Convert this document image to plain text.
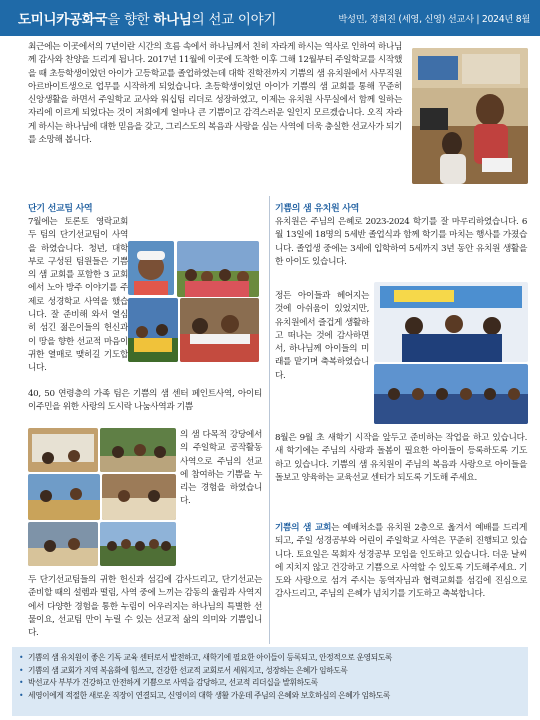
도미니카공화국을 향한 하나님의 선교 이야기	박성민, 정희진 (세영, 신영) 선교사 | 2024년 8월

최근에는 이곳에서의 7년이란 시간의 흐름 속에서 하나님께서 친히 자라게 하시는 역사로 인하여 하나님께 감사와 찬양을 드리게 됩니다. 2017년 11월에 이곳에 도착한 이후 그해 12월부터 주일학교를 시작했을 때 초등학생이었던 아이가 고등학교를 졸업하였는데 대학 진학전까지 기쁨의 샘 유치원에서 사무직원 아르바이트생으로 업무를 시작하게 되었습니다. 초등학생이었던 아이가 기쁨의 샘 교회를 통해 꾸준히 신앙생활을 하면서 주일학교 교사와 워십팀 리더로 성장하였고, 이제는 유치원 사무실에서 함께 일하는 자리에 이르게 되었다는 것이 저희에게 얼마나 큰 기쁨이고 감격스러운 일인지 모르겠습니다. 오직 자라게 하시는 하나님에 대한 믿음을 갖고, 그리스도의 복음과 사랑을 심는 사역에 더욱 충실한 선교사가 되기를 소망해 봅니다.

단기 선교팀 사역	기쁨의 샘 유치원 사역

7월에는 토론토 영락교회 두 팀의 단기선교팀이 사역을 하였습니다. 청년, 대학부로 구성된 팀원들은 기쁨의 샘 교회를 포함한 3 교회에서 노아 방주 이야기를 주제로 성경학교 사역을 했습니다. 잘 준비해 와서 열심히 섬긴 젊은이들의 헌신과 이 땅을 향한 선교적 마음이 귀한 열매로 맺히길 기도합니다.

40, 50 연령층의 가족 팀은 기쁨의 샘 센터 페인트사역, 아이티 이주민을 위한 사랑의 도시락 나눔사역과 기쁨

의 샘 다목적 강당에서의 주일학교 공작활동 사역으로 주님의 선교에 참여하는 기쁨을 누리는 경험을 하였습니다.

두 단기선교팀들의 귀한 헌신과 섬김에 감사드리고, 단기선교는 준비할 때의 설렘과 떨림, 사역 중에 느끼는 감동의 울림과 사역지에서 다양한 경험을 통한 누림이 어우러지는 하나님의 특별한 선물이요, 선교팀 만이 누릴 수 있는 선교적 삶의 의미와 기쁨입니다.

유치원은 주님의 은혜로 2023-2024 학기를 잘 마무리하였습니다. 6월 13일에 18명의 5세반 졸업식과 함께 학기를 마치는 행사를 가졌습니다. 졸업생 중에는 3세에 입학하여 5세까지 3년 동안 유치원 생활을 한 아이도 있습니다.

정든 아이들과 헤어지는 것에 아쉬움이 있었지만, 유치원에서 즐겁게 생활하고 떠나는 것에 감사하면서, 하나님께 아이들의 미래를 맡기며 축복하였습니다.

8월은 9월 초 새학기 시작을 앞두고 준비하는 작업을 하고 있습니다. 새 학기에는 주님의 사랑과 돌봄이 필요한 아이들이 등록하도록 기도하고 있습니다. 기쁨의 샘 유치원이 주님의 복음과 사랑으로 아이들을 돌보고 양육하는 교육선교 센터가 되도록 기도해 주세요.

기쁨의 샘 교회는 예배처소를 유치원 2층으로 옮겨서 예배를 드리게 되고, 주일 성경공부와 어린이 주일학교 사역은 꾸준히 진행되고 있습니다. 토요일은 목회자 성경공부 모임을 인도하고 있습니다. 더운 날씨에 지치지 않고 건강하고 기쁨으로 사역할 수 있도록 기도해주세요. 기도와 사랑으로 섬겨 주시는 동역자님과 협력교회를 섬김에 진심으로 감사드리고, 주님의 은혜가 넘치기를 기도하고 축복합니다.

• 기쁨의 샘 유치원이 좋은 기독 교육 센터로서 발전하고, 새학기에 필요한 아이들이 등록되고, 안정적으로 운영되도록
• 기쁨의 샘 교회가 지역 복음화에 힘쓰고, 건강한 선교적 교회로서 세워지고, 성장하는 은혜가 임하도록
• 박선교사 부부가 건강하고 안전하게 기쁨으로 사역을 감당하고, 선교적 리더십을 발휘하도록
• 세영이에게 적절한 새로운 직장이 연결되고, 신영이의 대학 생활 가운데 주님의 은혜와 보호하심의 은혜가 임하도록
